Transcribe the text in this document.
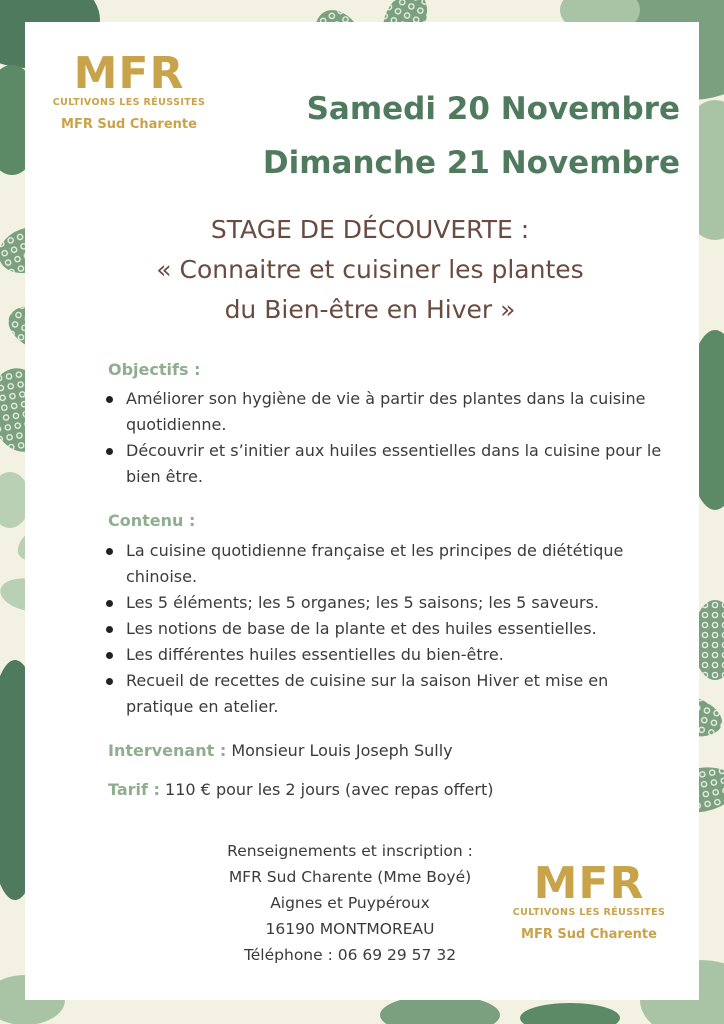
MFR
CULTIVONS LES RÉUSSITES
MFR Sud Charente	Samedi 20 Novembre
Dimanche 21 Novembre
STAGE DE DÉCOUVERTE :
« Connaitre et cuisiner les plantes
du Bien-être en Hiver »
Objectifs :
Améliorer son hygiène de vie à partir des plantes dans la cuisine quotidienne.
Découvrir et s’initier aux huiles essentielles dans la cuisine pour le bien être.
Contenu :
La cuisine quotidienne française et les principes de diététique chinoise.
Les 5 éléments; les 5 organes; les 5 saisons; les 5 saveurs.
Les notions de base de la plante et des huiles essentielles.
Les différentes huiles essentielles du bien-être.
Recueil de recettes de cuisine sur la saison Hiver et mise en pratique en atelier.
Intervenant : Monsieur Louis Joseph Sully
Tarif : 110 € pour les 2 jours (avec repas offert)
Renseignements et inscription :
MFR Sud Charente (Mme Boyé)
Aignes et Puypéroux
16190 MONTMOREAU
Téléphone : 06 69 29 57 32
MFR
CULTIVONS LES RÉUSSITES
MFR Sud Charente
